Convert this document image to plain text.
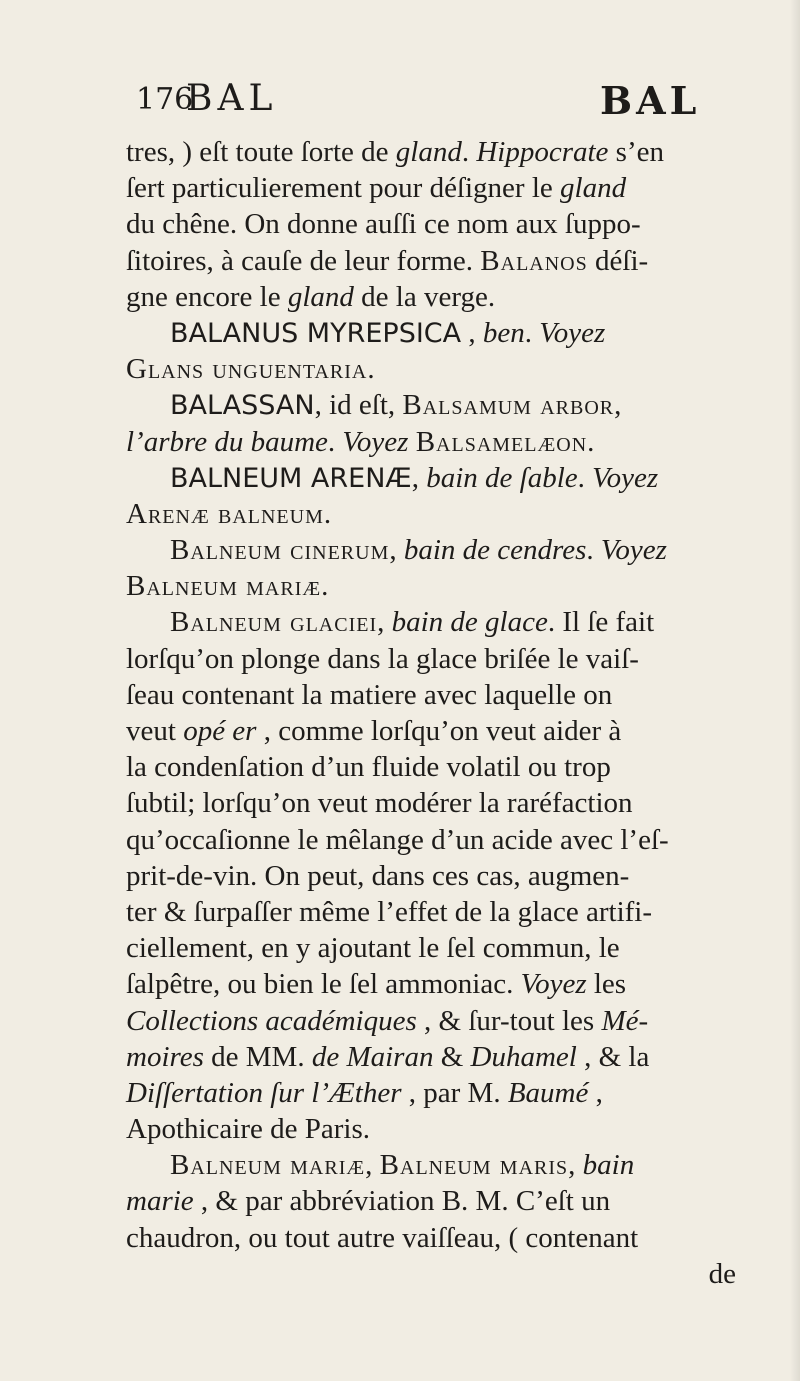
176
BAL	BAL
tres, ) eſt toute ſorte de gland. Hippocrate s’en
ſert particulierement pour déſigner le gland
du chêne. On donne auſſi ce nom aux ſuppo-
ſitoires, à cauſe de leur forme. Balanos déſi-
gne encore le gland de la verge.
BALANUS MYREPSICA , ben. Voyez
Glans unguentaria.
BALASSAN, id eſt, Balsamum arbor,
l’arbre du baume. Voyez Balsamelæon.
BALNEUM ARENÆ, bain de ſable. Voyez
Arenæ balneum.
Balneum cinerum, bain de cendres. Voyez
Balneum mariæ.
Balneum glaciei, bain de glace. Il ſe fait
lorſqu’on plonge dans la glace briſée le vaiſ-
ſeau contenant la matiere avec laquelle on
veut opé er , comme lorſqu’on veut aider à
la condenſation d’un fluide volatil ou trop
ſubtil; lorſqu’on veut modérer la raréfaction
qu’occaſionne le mêlange d’un acide avec l’eſ-
prit-de-vin. On peut, dans ces cas, augmen-
ter & ſurpaſſer même l’effet de la glace artifi-
ciellement, en y ajoutant le ſel commun, le
ſalpêtre, ou bien le ſel ammoniac. Voyez les
Collections académiques , & ſur-tout les Mé-
moires de MM. de Mairan & Duhamel , & la
Diſſertation ſur l’Æther , par M. Baumé ,
Apothicaire de Paris.
Balneum mariæ, Balneum maris, bain
marie , & par abbréviation B. M. C’eſt un
chaudron, ou tout autre vaiſſeau, ( contenant
de
